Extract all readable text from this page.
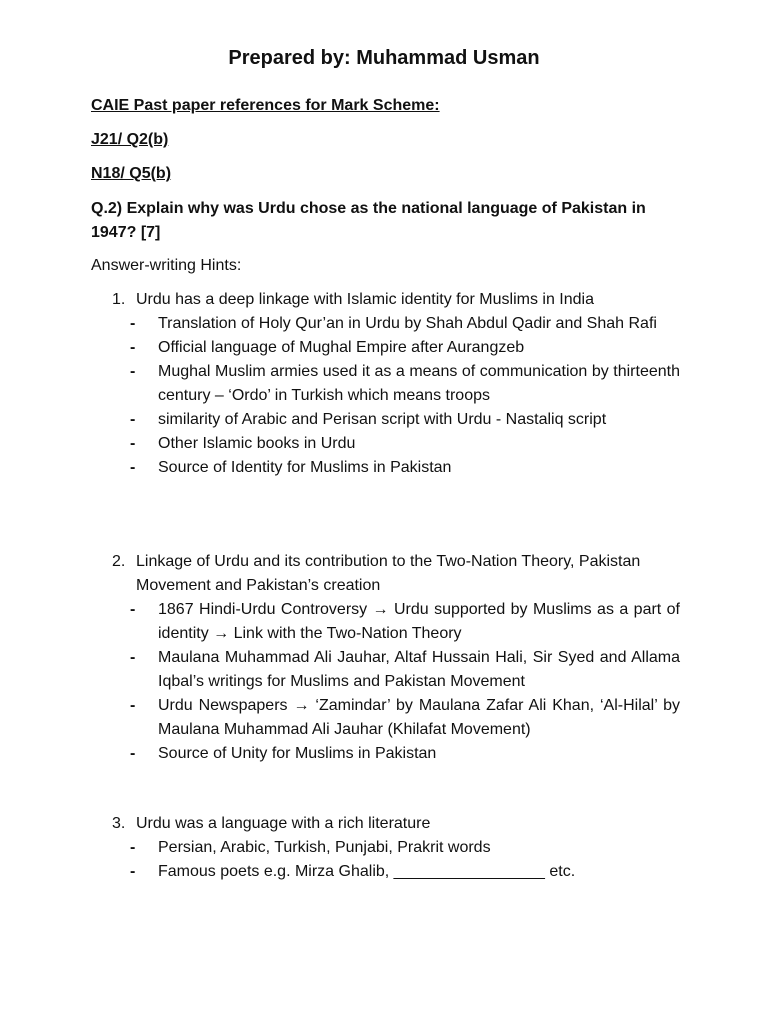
Prepared by: Muhammad Usman
CAIE Past paper references for Mark Scheme:
J21/ Q2(b)
N18/ Q5(b)
Q.2) Explain why was Urdu chose as the national language of Pakistan in 1947? [7]
Answer-writing Hints:
1. Urdu has a deep linkage with Islamic identity for Muslims in India
-	Translation of Holy Qur’an in Urdu by Shah Abdul Qadir and Shah Rafi
-	Official language of Mughal Empire after Aurangzeb
-	Mughal Muslim armies used it as a means of communication by thirteenth century – ‘Ordo’ in Turkish which means troops
-	similarity of Arabic and Perisan script with Urdu - Nastaliq script
-	Other Islamic books in Urdu
-	Source of Identity for Muslims in Pakistan
2. Linkage of Urdu and its contribution to the Two-Nation Theory, Pakistan Movement and Pakistan’s creation
-	1867 Hindi-Urdu Controversy → Urdu supported by Muslims as a part of identity → Link with the Two-Nation Theory
-	Maulana Muhammad Ali Jauhar, Altaf Hussain Hali, Sir Syed and Allama Iqbal’s writings for Muslims and Pakistan Movement
-	Urdu Newspapers → ‘Zamindar’ by Maulana Zafar Ali Khan, ‘Al-Hilal’ by Maulana Muhammad Ali Jauhar (Khilafat Movement)
-	Source of Unity for Muslims in Pakistan
3. Urdu was a language with a rich literature
-	Persian, Arabic, Turkish, Punjabi, Prakrit words
-	Famous poets e.g. Mirza Ghalib, _________________ etc.
